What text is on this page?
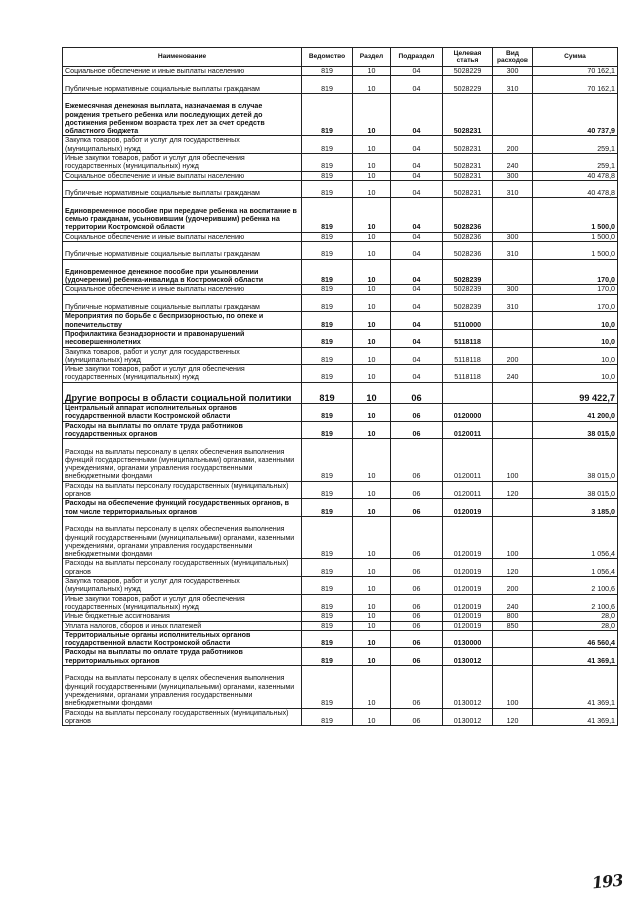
Наименование	Ведомство	Раздел	Подраздел	Целевая статья	Вид расходов	Сумма
Социальное обеспечение и иные выплаты населению	819	10	04	5028229	300	70 162,1
Публичные нормативные социальные выплаты гражданам	819	10	04	5028229	310	70 162,1
Ежемесячная денежная выплата, назначаемая в случае рождения третьего ребенка или последующих детей до достижения ребенком возраста трех лет за счет средств областного бюджета	819	10	04	5028231		40 737,9
Закупка товаров, работ и услуг для государственных (муниципальных) нужд	819	10	04	5028231	200	259,1
Иные закупки товаров, работ и услуг для обеспечения государственных (муниципальных) нужд	819	10	04	5028231	240	259,1
Социальное обеспечение и иные выплаты населению	819	10	04	5028231	300	40 478,8
Публичные нормативные социальные выплаты гражданам	819	10	04	5028231	310	40 478,8
Единовременное пособие при передаче ребенка на воспитание в семью гражданам, усыновившим (удочерившим) ребенка на территории Костромской области	819	10	04	5028236		1 500,0
Социальное обеспечение и иные выплаты населению	819	10	04	5028236	300	1 500,0
Публичные нормативные социальные выплаты гражданам	819	10	04	5028236	310	1 500,0
Единовременное денежное пособие при усыновлении (удочерении) ребенка-инвалида в Костромской области	819	10	04	5028239		170,0
Социальное обеспечение и иные выплаты населению	819	10	04	5028239	300	170,0
Публичные нормативные социальные выплаты гражданам	819	10	04	5028239	310	170,0
Мероприятия по борьбе с беспризорностью, по опеке и попечительству	819	10	04	5110000		10,0
Профилактика безнадзорности и правонарушений несовершеннолетних	819	10	04	5118118		10,0
Закупка товаров, работ и услуг для государственных (муниципальных) нужд	819	10	04	5118118	200	10,0
Иные закупки товаров, работ и услуг для обеспечения государственных (муниципальных) нужд	819	10	04	5118118	240	10,0
Другие вопросы в области социальной политики	819	10	06			99 422,7
Центральный аппарат исполнительных органов государственной власти Костромской области	819	10	06	0120000		41 200,0
Расходы на выплаты по оплате труда работников государственных органов	819	10	06	0120011		38 015,0
Расходы на выплаты персоналу в целях обеспечения выполнения функций государственными (муниципальными) органами, казенными учреждениями, органами управления государственными внебюджетными фондами	819	10	06	0120011	100	38 015,0
Расходы на выплаты персоналу государственных (муниципальных) органов	819	10	06	0120011	120	38 015,0
Расходы на обеспечение функций государственных органов, в том числе территориальных органов	819	10	06	0120019		3 185,0
Расходы на выплаты персоналу в целях обеспечения выполнения функций государственными (муниципальными) органами, казенными учреждениями, органами управления государственными внебюджетными фондами	819	10	06	0120019	100	1 056,4
Расходы на выплаты персоналу государственных (муниципальных) органов	819	10	06	0120019	120	1 056,4
Закупка товаров, работ и услуг для государственных (муниципальных) нужд	819	10	06	0120019	200	2 100,6
Иные закупки товаров, работ и услуг для обеспечения государственных (муниципальных) нужд	819	10	06	0120019	240	2 100,6
Иные бюджетные ассигнования	819	10	06	0120019	800	28,0
Уплата налогов, сборов и иных платежей	819	10	06	0120019	850	28,0
Территориальные органы исполнительных органов государственной власти Костромской области	819	10	06	0130000		46 560,4
Расходы на выплаты по оплате труда работников территориальных органов	819	10	06	0130012		41 369,1
Расходы на выплаты персоналу в целях обеспечения выполнения функций государственными (муниципальными) органами, казенными учреждениями, органами управления государственными внебюджетными фондами	819	10	06	0130012	100	41 369,1
Расходы на выплаты персоналу государственных (муниципальных) органов	819	10	06	0130012	120	41 369,1
193
